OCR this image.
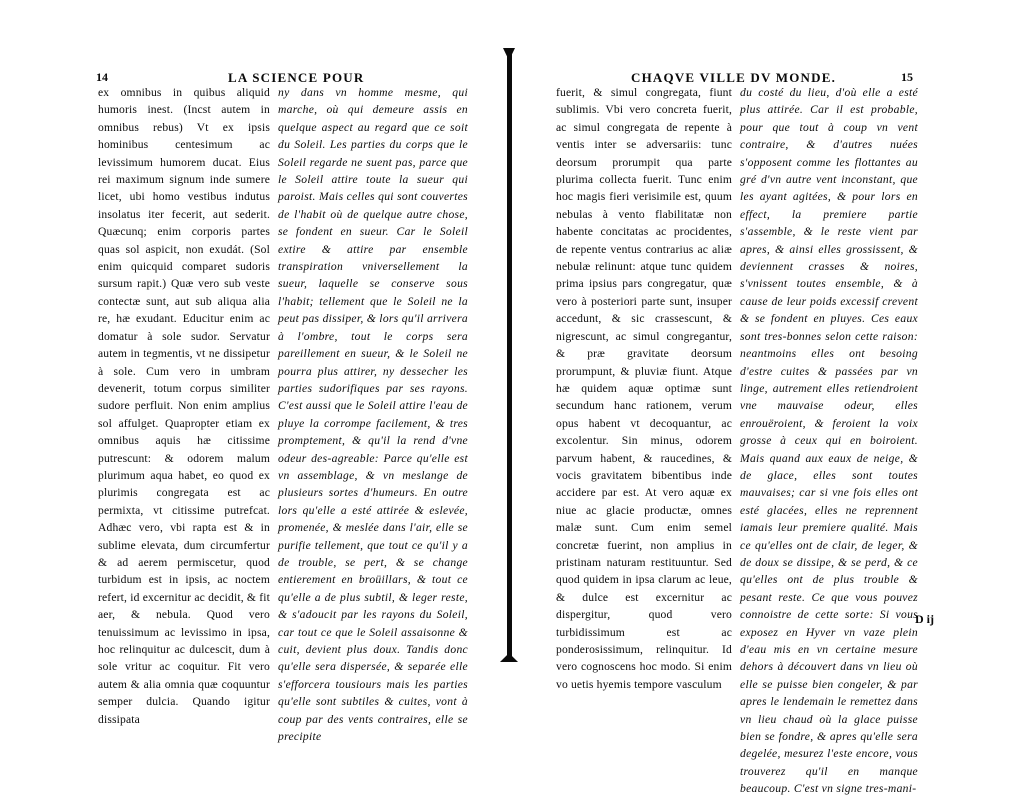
14	LA SCIENCE POUR

ex omnibus in quibus aliquid humoris inest. (Incst autem in omnibus rebus) Vt ex ipsis hominibus centesimum ac levissimum humorem ducat. Eius rei maximum signum inde sumere licet, ubi homo vestibus indutus insolatus iter fecerit, aut sederit. Quæcunq; enim corporis partes quas sol aspicit, non exudát. (Sol enim quicquid comparet sudoris sursum rapit.) Quæ vero sub veste contectæ sunt, aut sub aliqua alia re, hæ exudant. Educitur enim ac domatur à sole sudor. Servatur autem in tegmentis, vt ne dissipetur à sole. Cum vero in umbram devenerit, totum corpus similiter sudore perfluit. Non enim amplius sol affulget. Quapropter etiam ex omnibus aquis hæ citissime putrescunt: & odorem malum plurimum aqua habet, eo quod ex plurimis congregata est ac permixta, vt citissime putrefcat. Adhæc vero, vbi rapta est & in sublime elevata, dum circumfertur & ad aerem permiscetur, quod turbidum est in ipsis, ac noctem refert, id excernitur ac decidit, & fit aer, & nebula. Quod vero tenuissimum ac levissimo in ipsa, hoc relinquitur ac dulcescit, dum à sole vritur ac coquitur. Fit vero autem & alia omnia quæ coquuntur semper dulcia. Quando igitur dissipata

ny dans vn homme mesme, qui marche, où qui demeure assis en quelque aspect au regard que ce soit du Soleil. Les parties du corps que le Soleil regarde ne suent pas, parce que le Soleil attire toute la sueur qui paroist. Mais celles qui sont couvertes de l'habit où de quelque autre chose, se fondent en sueur. Car le Soleil extire & attire par ensemble transpiration vniversellement la sueur, laquelle se conserve sous l'habit; tellement que le Soleil ne la peut pas dissiper, & lors qu'il arrivera à l'ombre, tout le corps sera pareillement en sueur, & le Soleil ne pourra plus attirer, ny dessecher les parties sudorifiques par ses rayons. C'est aussi que le Soleil attire l'eau de pluye la corrompe facilement, & tres promptement, & qu'il la rend d'vne odeur des-agreable: Parce qu'elle est vn assemblage, & vn meslange de plusieurs sortes d'humeurs. En outre lors qu'elle a esté attirée & eslevée, promenée, & meslée dans l'air, elle se purifie tellement, que tout ce qu'il y a de trouble, se pert, & se change entierement en broüillars, & tout ce qu'elle a de plus subtil, & leger reste, & s'adoucit par les rayons du Soleil, car tout ce que le Soleil assaisonne & cuit, devient plus doux. Tandis donc qu'elle sera dispersée, & separée elle s'efforcera tousiours mais les parties qu'elle sont subtiles & cuites, vont à coup par des vents contraires, elle se precipite

CHAQVE VILLE DV MONDE.	15

fuerit, & simul congregata, fiunt sublimis. Vbi vero concreta fuerit, ac simul congregata de repente à ventis inter se adversariis: tunc deorsum prorumpit qua parte plurima collecta fuerit. Tunc enim hoc magis fieri verisimile est, quum nebulas à vento flabilitatæ non habente concitatas ac procidentes, de repente ventus contrarius ac aliæ nebulæ relinunt: atque tunc quidem prima ipsius pars congregatur, quæ vero à posteriori parte sunt, insuper accedunt, & sic crassescunt, & nigrescunt, ac simul congregantur, & præ gravitate deorsum prorumpunt, & pluviæ fiunt. Atque hæ quidem aquæ optimæ sunt secundum hanc rationem, verum opus habent vt decoquantur, ac excolentur. Sin minus, odorem parvum habent, & raucedines, & vocis gravitatem bibentibus inde accidere par est. At vero aquæ ex niue ac glacie productæ, omnes malæ sunt. Cum enim semel concretæ fuerint, non amplius in pristinam naturam restituuntur. Sed quod quidem in ipsa clarum ac leue, & dulce est excernitur ac dispergitur, quod vero turbidissimum est ac ponderosissimum, relinquitur. Id vero cognoscens hoc modo. Si enim vo uetis hyemis tempore vasculum

du costé du lieu, d'où elle a esté plus attirée. Car il est probable, pour que tout à coup vn vent contraire, & d'autres nuées s'opposent comme les flottantes au gré d'vn autre vent inconstant, que les ayant agitées, & pour lors en effect, la premiere partie s'assemble, & le reste vient par apres, & ainsi elles grossissent, & deviennent crasses & noires, s'vnissent toutes ensemble, & à cause de leur poids excessif crevent & se fondent en pluyes. Ces eaux sont tres-bonnes selon cette raison: neantmoins elles ont besoing d'estre cuites & passées par vn linge, autrement elles retiendroient vne mauvaise odeur, elles enrouëroient, & feroient la voix grosse à ceux qui en boiroient. Mais quand aux eaux de neige, & de glace, elles sont toutes mauvaises; car si vne fois elles ont esté glacées, elles ne reprennent iamais leur premiere qualité. Mais ce qu'elles ont de clair, de leger, & de doux se dissipe, & se perd, & ce qu'elles ont de plus trouble & pesant reste. Ce que vous pouvez connoistre de cette sorte: Si vous exposez en Hyver vn vaze plein d'eau mis en vn certaine mesure dehors à découvert dans vn lieu où elle se puisse bien congeler, & par apres le lendemain le remettez dans vn lieu chaud où la glace puisse bien se fondre, & apres qu'elle sera degelée, mesurez l'este encore, vous trouverez qu'il en manque beaucoup. C'est vn signe tres-mani-

D ij
